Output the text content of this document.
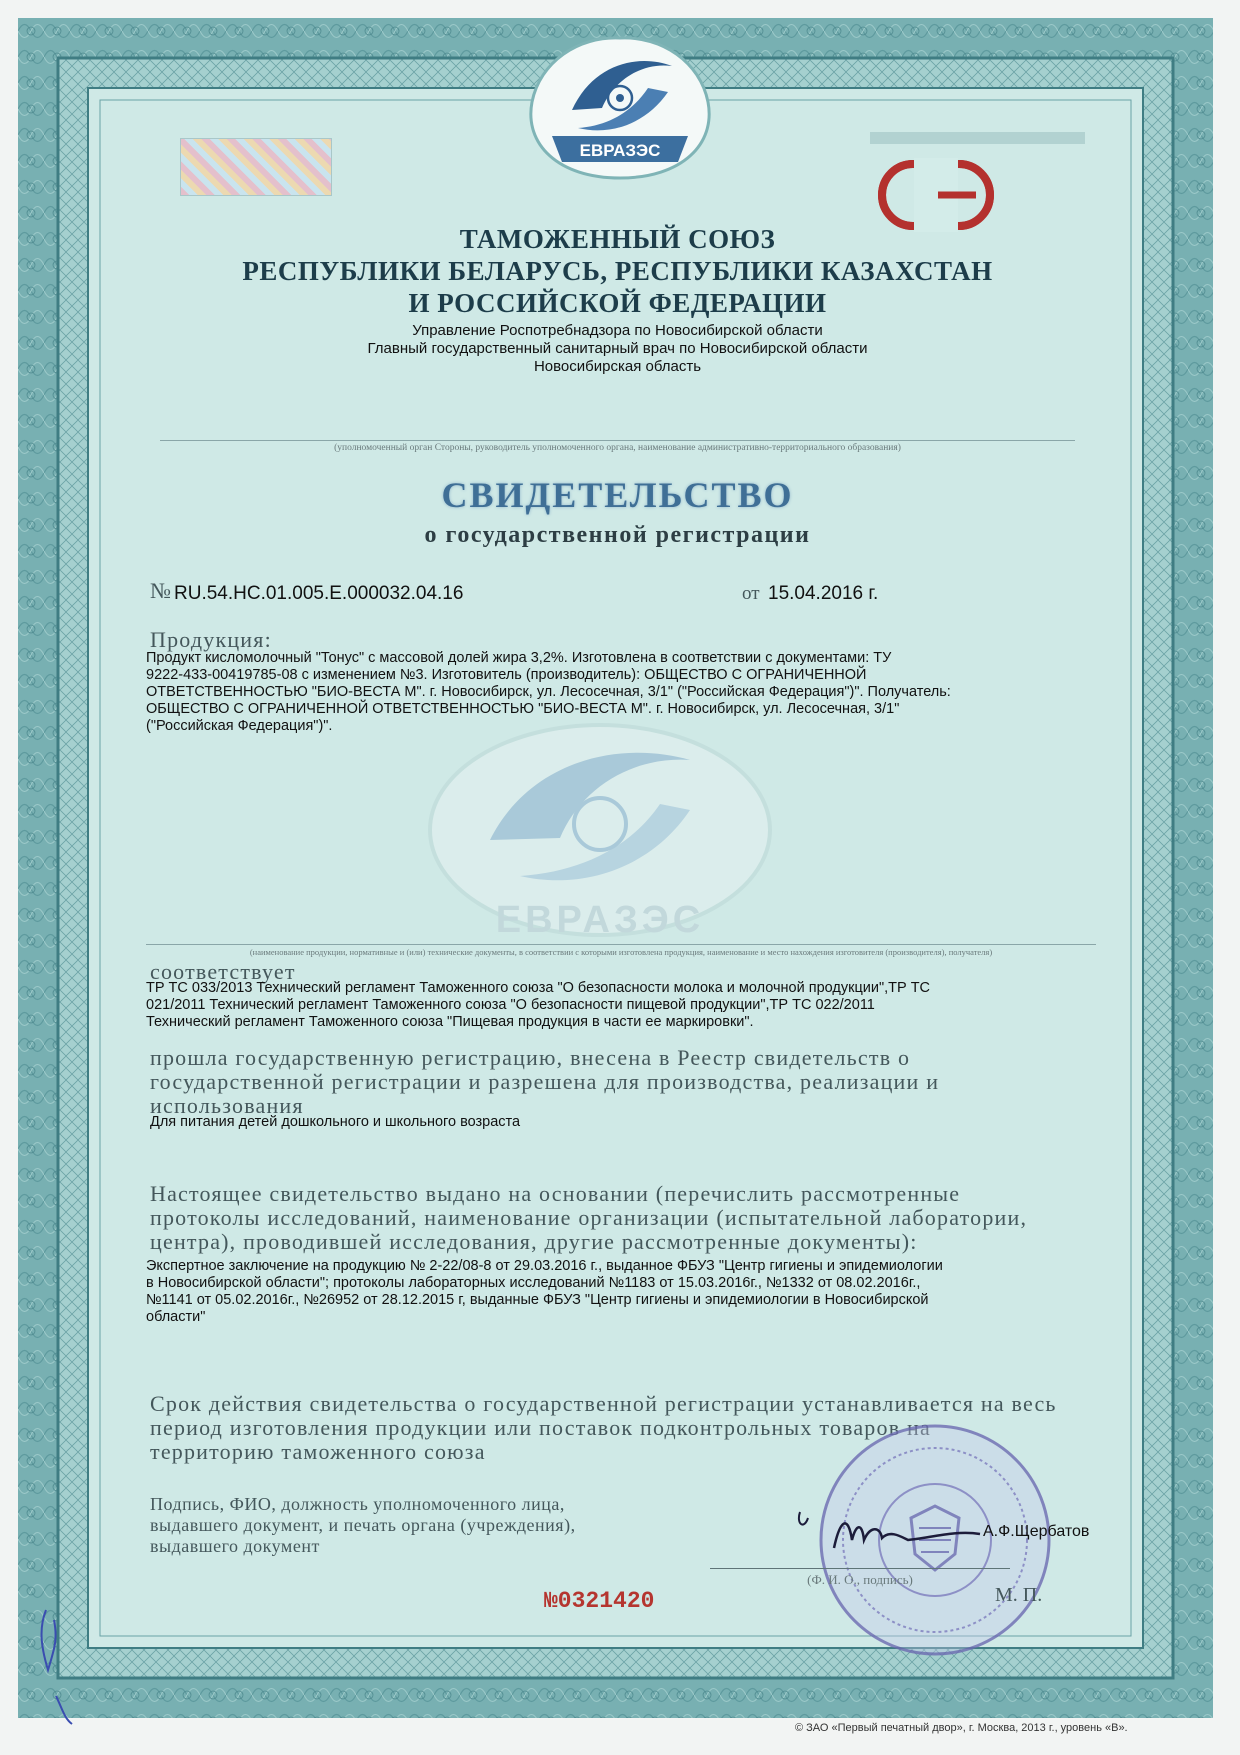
ЕВРАЗЭС
ТАМОЖЕННЫЙ СОЮЗ
РЕСПУБЛИКИ БЕЛАРУСЬ, РЕСПУБЛИКИ КАЗАХСТАН
И РОССИЙСКОЙ ФЕДЕРАЦИИ
Управление Роспотребнадзора по Новосибирской области
Главный государственный санитарный врач по Новосибирской области
Новосибирская область
(уполномоченный орган Стороны, руководитель уполномоченного органа, наименование административно-территориального образования)
СВИДЕТЕЛЬСТВО
о государственной регистрации
№ RU.54.НС.01.005.Е.000032.04.16	от 15.04.2016 г.
Продукция:
Продукт кисломолочный "Тонус" с массовой долей жира 3,2%. Изготовлена в соответствии с документами: ТУ
9222-433-00419785-08 с изменением №3. Изготовитель (производитель): ОБЩЕСТВО С ОГРАНИЧЕННОЙ
ОТВЕТСТВЕННОСТЬЮ "БИО-ВЕСТА М". г. Новосибирск, ул. Лесосечная, 3/1" ("Российская Федерация")". Получатель:
ОБЩЕСТВО С ОГРАНИЧЕННОЙ ОТВЕТСТВЕННОСТЬЮ "БИО-ВЕСТА М". г. Новосибирск, ул. Лесосечная, 3/1"
("Российская Федерация")".
ЕВРАЗЭС
(наименование продукции, нормативные и (или) технические документы, в соответствии с которыми изготовлена продукция, наименование и место нахождения изготовителя (производителя), получателя)
соответствует
ТР ТС 033/2013 Технический регламент Таможенного союза "О безопасности молока и молочной продукции",ТР ТС
021/2011 Технический регламент Таможенного союза "О безопасности пищевой продукции",ТР ТС 022/2011
Технический регламент Таможенного союза "Пищевая продукция в части ее маркировки".
прошла государственную регистрацию, внесена в Реестр свидетельств о
государственной регистрации и разрешена для производства, реализации и
использования
Для питания детей дошкольного и школьного возраста
Настоящее свидетельство выдано на основании (перечислить рассмотренные
протоколы исследований, наименование организации (испытательной лаборатории,
центра), проводившей исследования, другие рассмотренные документы):
Экспертное заключение на продукцию № 2-22/08-8 от 29.03.2016 г., выданное ФБУЗ "Центр гигиены и эпидемиологии
в Новосибирской области"; протоколы лабораторных исследований №1183 от 15.03.2016г., №1332 от 08.02.2016г.,
№1141 от 05.02.2016г., №26952 от 28.12.2015 г, выданные ФБУЗ "Центр гигиены и эпидемиологии в Новосибирской
области"
Срок действия свидетельства о государственной регистрации устанавливается на весь
период изготовления продукции или поставок подконтрольных товаров на
территорию таможенного союза
Подпись, ФИО, должность уполномоченного лица,
выдавшего документ, и печать органа (учреждения),
выдавшего документ
А.Ф.Щербатов
(Ф. И. О., подпись)
М. П.
№0321420
© ЗАО «Первый печатный двор», г. Москва, 2013 г., уровень «В».
